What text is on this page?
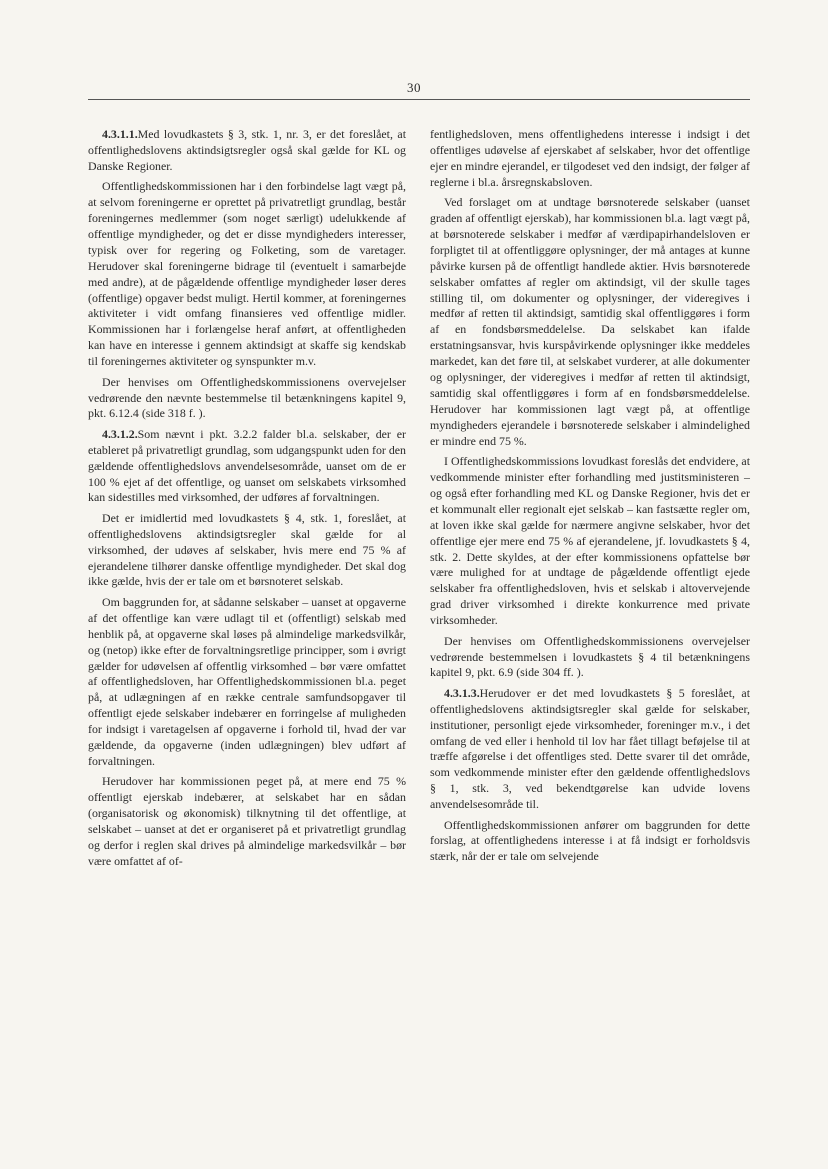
30

4.3.1.1.Med lovudkastets § 3, stk. 1, nr. 3, er det foreslået, at offentlighedslovens aktindsigtsregler også skal gælde for KL og Danske Regioner.

Offentlighedskommissionen har i den forbindelse lagt vægt på, at selvom foreningerne er oprettet på privatretligt grundlag, består foreningernes medlemmer (som noget særligt) udelukkende af offentlige myndigheder, og det er disse myndigheders interesser, typisk over for regering og Folketing, som de varetager. Herudover skal foreningerne bidrage til (eventuelt i samarbejde med andre), at de pågældende offentlige myndigheder løser deres (offentlige) opgaver bedst muligt. Hertil kommer, at foreningernes aktiviteter i vidt omfang finansieres ved offentlige midler. Kommissionen har i forlængelse heraf anført, at offentligheden kan have en interesse i gennem aktindsigt at skaffe sig kendskab til foreningernes aktiviteter og synspunkter m.v.

Der henvises om Offentlighedskommissionens overvejelser vedrørende den nævnte bestemmelse til betænkningens kapitel 9, pkt. 6.12.4 (side 318 f. ).

4.3.1.2.Som nævnt i pkt. 3.2.2 falder bl.a. selskaber, der er etableret på privatretligt grundlag, som udgangspunkt uden for den gældende offentlighedslovs anvendelsesområde, uanset om de er 100 % ejet af det offentlige, og uanset om selskabets virksomhed kan sidestilles med virksomhed, der udføres af forvaltningen.

Det er imidlertid med lovudkastets § 4, stk. 1, foreslået, at offentlighedslovens aktindsigtsregler skal gælde for al virksomhed, der udøves af selskaber, hvis mere end 75 % af ejerandelene tilhører danske offentlige myndigheder. Det skal dog ikke gælde, hvis der er tale om et børsnoteret selskab.

Om baggrunden for, at sådanne selskaber – uanset at opgaverne af det offentlige kan være udlagt til et (offentligt) selskab med henblik på, at opgaverne skal løses på almindelige markedsvilkår, og (netop) ikke efter de forvaltningsretlige principper, som i øvrigt gælder for udøvelsen af offentlig virksomhed – bør være omfattet af offentlighedsloven, har Offentlighedskommissionen bl.a. peget på, at udlægningen af en række centrale samfundsopgaver til offentligt ejede selskaber indebærer en forringelse af muligheden for indsigt i varetagelsen af opgaverne i forhold til, hvad der var gældende, da opgaverne (inden udlægningen) blev udført af forvaltningen.

Herudover har kommissionen peget på, at mere end 75 % offentligt ejerskab indebærer, at selskabet har en sådan (organisatorisk og økonomisk) tilknytning til det offentlige, at selskabet – uanset at det er organiseret på et privatretligt grundlag og derfor i reglen skal drives på almindelige markedsvilkår – bør være omfattet af of-

fentlighedsloven, mens offentlighedens interesse i indsigt i det offentliges udøvelse af ejerskabet af selskaber, hvor det offentlige ejer en mindre ejerandel, er tilgodeset ved den indsigt, der følger af reglerne i bl.a. årsregnskabsloven.

Ved forslaget om at undtage børsnoterede selskaber (uanset graden af offentligt ejerskab), har kommissionen bl.a. lagt vægt på, at børsnoterede selskaber i medfør af værdipapirhandelsloven er forpligtet til at offentliggøre oplysninger, der må antages at kunne påvirke kursen på de offentligt handlede aktier. Hvis børsnoterede selskaber omfattes af regler om aktindsigt, vil der skulle tages stilling til, om dokumenter og oplysninger, der videregives i medfør af retten til aktindsigt, samtidig skal offentliggøres i form af en fondsbørsmeddelelse. Da selskabet kan ifalde erstatningsansvar, hvis kurspåvirkende oplysninger ikke meddeles markedet, kan det føre til, at selskabet vurderer, at alle dokumenter og oplysninger, der videregives i medfør af retten til aktindsigt, samtidig skal offentliggøres i form af en fondsbørsmeddelelse. Herudover har kommissionen lagt vægt på, at offentlige myndigheders ejerandele i børsnoterede selskaber i almindelighed er mindre end 75 %.

I Offentlighedskommissions lovudkast foreslås det endvidere, at vedkommende minister efter forhandling med justitsministeren – og også efter forhandling med KL og Danske Regioner, hvis det er et kommunalt eller regionalt ejet selskab – kan fastsætte regler om, at loven ikke skal gælde for nærmere angivne selskaber, hvor det offentlige ejer mere end 75 % af ejerandelene, jf. lovudkastets § 4, stk. 2. Dette skyldes, at der efter kommissionens opfattelse bør være mulighed for at undtage de pågældende offentligt ejede selskaber fra offentlighedsloven, hvis et selskab i altovervejende grad driver virksomhed i direkte konkurrence med private virksomheder.

Der henvises om Offentlighedskommissionens overvejelser vedrørende bestemmelsen i lovudkastets § 4 til betænkningens kapitel 9, pkt. 6.9 (side 304 ff. ).

4.3.1.3.Herudover er det med lovudkastets § 5 foreslået, at offentlighedslovens aktindsigtsregler skal gælde for selskaber, institutioner, personligt ejede virksomheder, foreninger m.v., i det omfang de ved eller i henhold til lov har fået tillagt beføjelse til at træffe afgørelse i det offentliges sted. Dette svarer til det område, som vedkommende minister efter den gældende offentlighedslovs § 1, stk. 3, ved bekendtgørelse kan udvide lovens anvendelsesområde til.

Offentlighedskommissionen anfører om baggrunden for dette forslag, at offentlighedens interesse i at få indsigt er forholdsvis stærk, når der er tale om selvejende
